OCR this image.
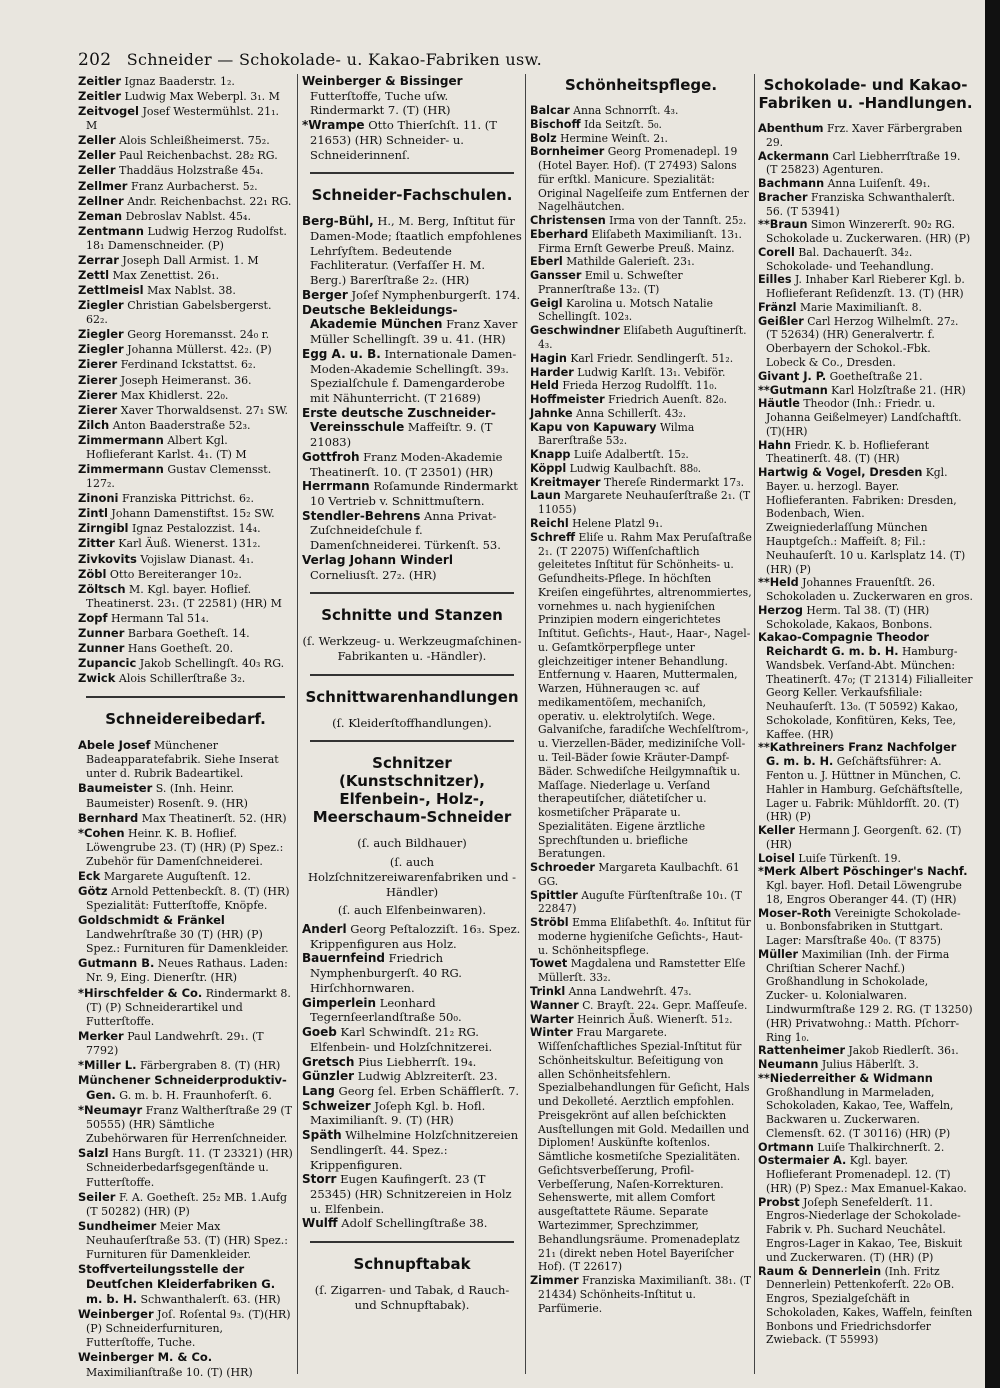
202 Schneider — Schokolade- u. Kakao-Fabriken usw.

Zeitler Ignaz Baaderstr. 1₂.

Zeitler Ludwig Max Weberpl. 3₁. M

Zeitvogel Josef Westermühlst. 21₁. M

Zeller Alois Schleißheimerst. 75₂.

Zeller Paul Reichenbachst. 28₂ RG.

Zeller Thaddäus Holzstraße 45₄.

Zellmer Franz Aurbacherst. 5₂.

Zellner Andr. Reichenbachst. 22₁ RG.

Zeman Debroslav Nablst. 45₄.

Zentmann Ludwig Herzog Rudolfst. 18₁ Damenschneider. (P)

Zerrar Joseph Dall Armist. 1. M

Zettl Max Zenettist. 26₁.

Zettlmeisl Max Nablst. 38.

Ziegler Christian Gabelsbergerst. 62₂.

Ziegler Georg Horemansst. 24₀ r.

Ziegler Johanna Müllerst. 42₂. (P)

Zierer Ferdinand Ickstattst. 6₂.

Zierer Joseph Heimeranst. 36.

Zierer Max Khidlerst. 22₀.

Zierer Xaver Thorwaldsenst. 27₁ SW.

Zilch Anton Baaderstraße 52₃.

Zimmermann Albert Kgl. Hoflieferant Karlst. 4₁. (T) M

Zimmermann Gustav Clemensst. 127₂.

Zinoni Franziska Pittrichst. 6₂.

Zintl Johann Damenstiftst. 15₂ SW.

Zirngibl Ignaz Pestalozzist. 14₄.

Zitter Karl Äuß. Wienerst. 131₂.

Zivkovits Vojislaw Dianast. 4₁.

Zöbl Otto Bereiteranger 10₂.

Zöltsch M. Kgl. bayer. Hoflief. Theatinerst. 23₁. (T 22581) (HR) M

Zopf Hermann Tal 51₄.

Zunner Barbara Goetheſt. 14.

Zunner Hans Goetheſt. 20.

Zupancic Jakob Schellingſt. 40₃ RG.

Zwick Alois Schillerſtraße 3₂.

Schneidereibedarf.

Abele Josef Münchener Badeapparatefabrik. Siehe Inserat unter d. Rubrik Badeartikel.

Baumeister S. (Inh. Heinr. Baumeister) Rosenſt. 9. (HR)

Bernhard Max Theatinerſt. 52. (HR)

*Cohen Heinr. K. B. Hoflief. Löwengrube 23. (T) (HR) (P) Spez.: Zubehör für Damenſchneiderei.

Eck Margarete Auguſtenſt. 12.

Götz Arnold Pettenbeckſt. 8. (T) (HR) Spezialität: Futterſtoffe, Knöpfe.

Goldschmidt & Fränkel Landwehrſtraße 30 (T) (HR) (P) Spez.: Furnituren für Damenkleider.

Gutmann B. Neues Rathaus. Laden: Nr. 9, Eing. Dienerſtr. (HR)

*Hirschfelder & Co. Rindermarkt 8. (T) (P) Schneiderartikel und Futterſtoffe.

Merker Paul Landwehrſt. 29₁. (T 7792)

*Miller L. Färbergraben 8. (T) (HR)

Münchener Schneiderproduktiv-Gen. G. m. b. H. Fraunhoferſt. 6.

*Neumayr Franz Waltherſtraße 29 (T 50555) (HR) Sämtliche Zubehörwaren für Herrenſchneider.

Salzl Hans Burgſt. 11. (T 23321) (HR) Schneiderbedarfsgegenſtände u. Futterſtoffe.

Seiler F. A. Goetheſt. 25₂ MB. 1.Aufg (T 50282) (HR) (P)

Sundheimer Meier Max Neuhauſerſtraße 53. (T) (HR) Spez.: Furnituren für Damenkleider.

Stoffverteilungsstelle der Deutſchen Kleiderfabriken G. m. b. H. Schwanthalerſt. 63. (HR)

Weinberger Joſ. Roſental 9₃. (T)(HR) (P) Schneiderfurnituren, Futterſtoffe, Tuche.

Weinberger M. & Co. Maximilianſtraße 10. (T) (HR)

Weinberger & Bissinger Futterſtoffe, Tuche uſw. Rindermarkt 7. (T) (HR)

*Wrampe Otto Thierſchſt. 11. (T 21653) (HR) Schneider- u. Schneiderinnenſ.

Schneider-Fachschulen.

Berg-Bühl, H., M. Berg, Inſtitut für Damen-Mode; ſtaatlich empfohlenes Lehrſyſtem. Bedeutende Fachliteratur. (Verfaſſer H. M. Berg.) Barerſtraße 2₂. (HR)

Berger Joſef Nymphenburgerſt. 174.

Deutsche Bekleidungs-Akademie München Franz Xaver Müller Schellingſt. 39 u. 41. (HR)

Egg A. u. B. Internationale Damen-Moden-Akademie Schellingſt. 39₃. Spezialſchule f. Damengarderobe mit Nähunterricht. (T 21689)

Erste deutsche Zuschneider-Vereinsschule Maffeiſtr. 9. (T 21083)

Gottfroh Franz Moden-Akademie Theatinerſt. 10. (T 23501) (HR)

Herrmann Roſamunde Rindermarkt 10 Vertrieb v. Schnittmuſtern.

Stendler-Behrens Anna Privat-Zuſchneideſchule f. Damenſchneiderei. Türkenſt. 53.

Verlag Johann Winderl Corneliusſt. 27₂. (HR)

Schnitte und Stanzen

(ſ. Werkzeug- u. Werkzeugmaſchinen-Fabrikanten u. -Händler).

Schnittwarenhandlungen

(ſ. Kleiderſtoffhandlungen).

Schnitzer (Kunstschnitzer), Elfenbein-, Holz-, Meerschaum-Schneider

(ſ. auch Bildhauer)

(ſ. auch Holzſchnitzereiwarenfabriken und -Händler)

(ſ. auch Elfenbeinwaren).

Anderl Georg Peſtalozziſt. 16₃. Spez. Krippenfiguren aus Holz.

Bauernfeind Friedrich Nymphenburgerſt. 40 RG. Hirſchhornwaren.

Gimperlein Leonhard Tegernſeerlandſtraße 50₀.

Goeb Karl Schwindſt. 21₂ RG. Elfenbein- und Holzſchnitzerei.

Gretsch Pius Liebherrſt. 19₄.

Günzler Ludwig Ablzreiterſt. 23.

Lang Georg ſel. Erben Schäfflerſt. 7.

Schweizer Joſeph Kgl. b. Hofl. Maximilianſt. 9. (T) (HR)

Späth Wilhelmine Holzſchnitzereien Sendlingerſt. 44. Spez.: Krippenfiguren.

Storr Eugen Kaufingerſt. 23 (T 25345) (HR) Schnitzereien in Holz u. Elfenbein.

Wulff Adolf Schellingſtraße 38.

Schnupftabak

(ſ. Zigarren- und Tabak, d Rauch- und Schnupftabak).

Schönheitspflege.

Balcar Anna Schnorrſt. 4₃.

Bischoff Ida Seitzſt. 5₀.

Bolz Hermine Weinſt. 2₁.

Bornheimer Georg Promenadepl. 19 (Hotel Bayer. Hof). (T 27493) Salons für erſtkl. Manicure. Spezialität: Original Nagelſeife zum Entfernen der Nagelhäutchen.

Christensen Irma von der Tannſt. 25₂.

Eberhard Eliſabeth Maximilianſt. 13₁. Firma Ernſt Gewerbe Preuß. Mainz.

Eberl Mathilde Galerieſt. 23₁.

Gansser Emil u. Schweſter Prannerſtraße 13₂. (T)

Geigl Karolina u. Motsch Natalie Schellingſt. 102₃.

Geschwindner Eliſabeth Auguſtinerſt. 4₃.

Hagin Karl Friedr. Sendlingerſt. 51₂.

Harder Ludwig Karlſt. 13₁. Vebiför.

Held Frieda Herzog Rudolfſt. 11₀.

Hoffmeister Friedrich Auenſt. 82₀.

Jahnke Anna Schillerſt. 43₂.

Kapu von Kapuwary Wilma Barerſtraße 53₂.

Knapp Luiſe Adalbertſt. 15₂.

Köppl Ludwig Kaulbachſt. 88₀.

Kreitmayer Thereſe Rindermarkt 17₃.

Laun Margarete Neuhauſerſtraße 2₁. (T 11055)

Reichl Helene Platzl 9₁.

Schreff Eliſe u. Rahm Max Peruſaſtraße 2₁. (T 22075) Wiſſenſchaftlich geleitetes Inſtitut für Schönheits- u. Geſundheits-Pflege. In höchſten Kreiſen eingeführtes, altrenommiertes, vornehmes u. nach hygieniſchen Prinzipien modern eingerichtetes Inſtitut. Geſichts-, Haut-, Haar-, Nagel- u. Geſamtkörperpflege unter gleichzeitiger intener Behandlung. Entfernung v. Haaren, Muttermalen, Warzen, Hühneraugen ꝛc. auf medikamentöſem, mechaniſch, operativ. u. elektrolytiſch. Wege. Galvaniſche, faradiſche Wechſelſtrom-, u. Vierzellen-Bäder, mediziniſche Voll- u. Teil-Bäder ſowie Kräuter-Dampf-Bäder. Schwediſche Heilgymnaſtik u. Maſſage. Niederlage u. Verſand therapeutiſcher, diätetiſcher u. kosmetiſcher Präparate u. Spezialitäten. Eigene ärztliche Sprechſtunden u. briefliche Beratungen.

Schroeder Margareta Kaulbachſt. 61 GG.

Spittler Auguſte Fürſtenſtraße 10₁. (T 22847)

Ströbl Emma Eliſabethſt. 4₀. Inſtitut für moderne hygieniſche Geſichts-, Haut- u. Schönheitspflege.

Towet Magdalena und Ramstetter Elſe Müllerſt. 33₂.

Trinkl Anna Landwehrſt. 47₃.

Wanner C. Brayſt. 22₄. Gepr. Maſſeuſe.

Warter Heinrich Äuß. Wienerſt. 51₂.

Winter Frau Margarete. Wiſſenſchaftliches Spezial-Inſtitut für Schönheitskultur. Beſeitigung von allen Schönheitsfehlern. Spezialbehandlungen für Geſicht, Hals und Dekolleté. Aerztlich empfohlen. Preisgekrönt auf allen beſchickten Ausſtellungen mit Gold. Medaillen und Diplomen! Auskünfte koſtenlos. Sämtliche kosmetiſche Spezialitäten. Geſichtsverbeſſerung, Profil-Verbeſſerung, Naſen-Korrekturen. Sehenswerte, mit allem Comfort ausgeſtattete Räume. Separate Wartezimmer, Sprechzimmer, Behandlungsräume. Promenadeplatz 21₁ (direkt neben Hotel Bayeriſcher Hof). (T 22617)

Zimmer Franziska Maximilianſt. 38₁. (T 21434) Schönheits-Inſtitut u. Parfümerie.

Schokolade- und Kakao-Fabriken u. -Handlungen.

Abenthum Frz. Xaver Färbergraben 29.

Ackermann Carl Liebherrſtraße 19. (T 25823) Agenturen.

Bachmann Anna Luiſenſt. 49₁.

Bracher Franziska Schwanthalerſt. 56. (T 53941)

**Braun Simon Winzererſt. 90₂ RG. Schokolade u. Zuckerwaren. (HR) (P)

Corell Bal. Dachauerſt. 34₂. Schokolade- und Teehandlung.

Eilles J. Inhaber Karl Rieberer Kgl. b. Hoflieferant Reſidenzſt. 13. (T) (HR)

Fränzl Marie Maximilianſt. 8.

Geißler Carl Herzog Wilhelmſt. 27₂. (T 52634) (HR) Generalvertr. f. Oberbayern der Schokol.-Fbk. Lobeck & Co., Dresden.

Givant J. P. Goetheſtraße 21.

**Gutmann Karl Holzſtraße 21. (HR)

Häutle Theodor (Inh.: Friedr. u. Johanna Geißelmeyer) Landſchaftſt. (T)(HR)

Hahn Friedr. K. b. Hoflieferant Theatinerſt. 48. (T) (HR)

Hartwig & Vogel, Dresden Kgl. Bayer. u. herzogl. Bayer. Hoflieferanten. Fabriken: Dresden, Bodenbach, Wien. Zweigniederlaſſung München Hauptgeſch.: Maffeiſt. 8; Fil.: Neuhauſerſt. 10 u. Karlsplatz 14. (T) (HR) (P)

**Held Johannes Frauenſtſt. 26. Schokoladen u. Zuckerwaren en gros.

Herzog Herm. Tal 38. (T) (HR) Schokolade, Kakaos, Bonbons.

Kakao-Compagnie Theodor Reichardt G. m. b. H. Hamburg-Wandsbek. Verſand-Abt. München: Theatinerſt. 47₀; (T 21314) Filialleiter Georg Keller. Verkaufsfiliale: Neuhauſerſt. 13₀. (T 50592) Kakao, Schokolade, Konfitüren, Keks, Tee, Kaffee. (HR)

**Kathreiners Franz Nachfolger G. m. b. H. Geſchäftsführer: A. Fenton u. J. Hüttner in München, C. Hahler in Hamburg. Geſchäftsſtelle, Lager u. Fabrik: Mühldorfſt. 20. (T) (HR) (P)

Keller Hermann J. Georgenſt. 62. (T) (HR)

Loisel Luiſe Türkenſt. 19.

*Merk Albert Pöschinger's Nachf. Kgl. bayer. Hofl. Detail Löwengrube 18, Engros Oberanger 44. (T) (HR)

Moser-Roth Vereinigte Schokolade- u. Bonbonsfabriken in Stuttgart. Lager: Marsſtraße 40₀. (T 8375)

Müller Maximilian (Inh. der Firma Chriſtian Scherer Nachf.) Großhandlung in Schokolade, Zucker- u. Kolonialwaren. Lindwurmſtraße 129 2. RG. (T 13250) (HR) Privatwohng.: Matth. Pſchorr-Ring 1₀.

Rattenheimer Jakob Riedlerſt. 36₁.

Neumann Julius Häberlſt. 3.

**Niederreither & Widmann Großhandlung in Marmeladen, Schokoladen, Kakao, Tee, Waffeln, Backwaren u. Zuckerwaren. Clemensſt. 62. (T 30116) (HR) (P)

Ortmann Luiſe Thalkirchnerſt. 2.

Ostermaier A. Kgl. bayer. Hoflieferant Promenadepl. 12. (T) (HR) (P) Spez.: Max Emanuel-Kakao.

Probst Joſeph Senefelderſt. 11. Engros-Niederlage der Schokolade-Fabrik v. Ph. Suchard Neuchâtel. Engros-Lager in Kakao, Tee, Biskuit und Zuckerwaren. (T) (HR) (P)

Raum & Dennerlein (Inh. Fritz Dennerlein) Pettenkoferſt. 22₀ OB. Engros, Spezialgeſchäft in Schokoladen, Kakes, Waffeln, feinſten Bonbons und Friedrichsdorfer Zwieback. (T 55993)
